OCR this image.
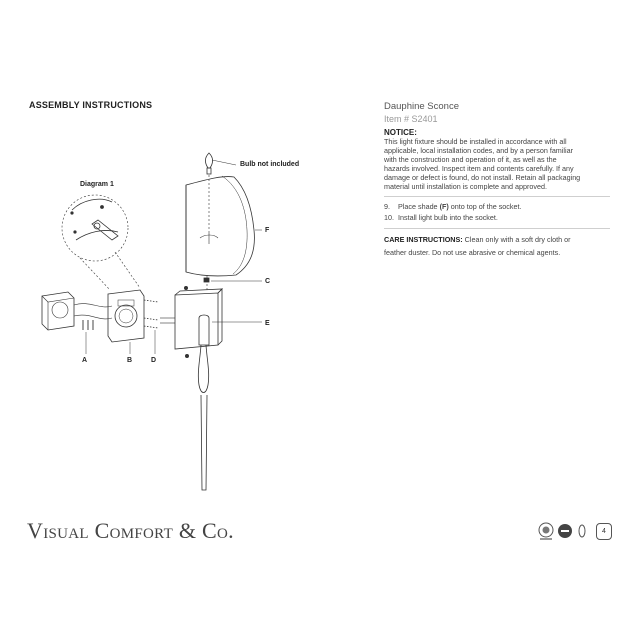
ASSEMBLY INSTRUCTIONS	Dauphine Sconce
Item # S2401
NOTICE:
This light fixture should be installed in accordance with all
applicable, local installation codes, and by a person familiar
with the construction and operation of it, as well as the
hazards involved. Inspect item and contents carefully. If any
damage or defect is found, do not install. Retain all packaging
material until installation is complete and approved.
9. Place shade (F) onto top of the socket.
10. Install light bulb into the socket.
CARE INSTRUCTIONS: Clean only with a soft dry cloth or
feather duster. Do not use abrasive or chemical agents.
Bulb not included
Diagram 1
F
C
E
A	B	D
Visual Comfort & Co.	4
